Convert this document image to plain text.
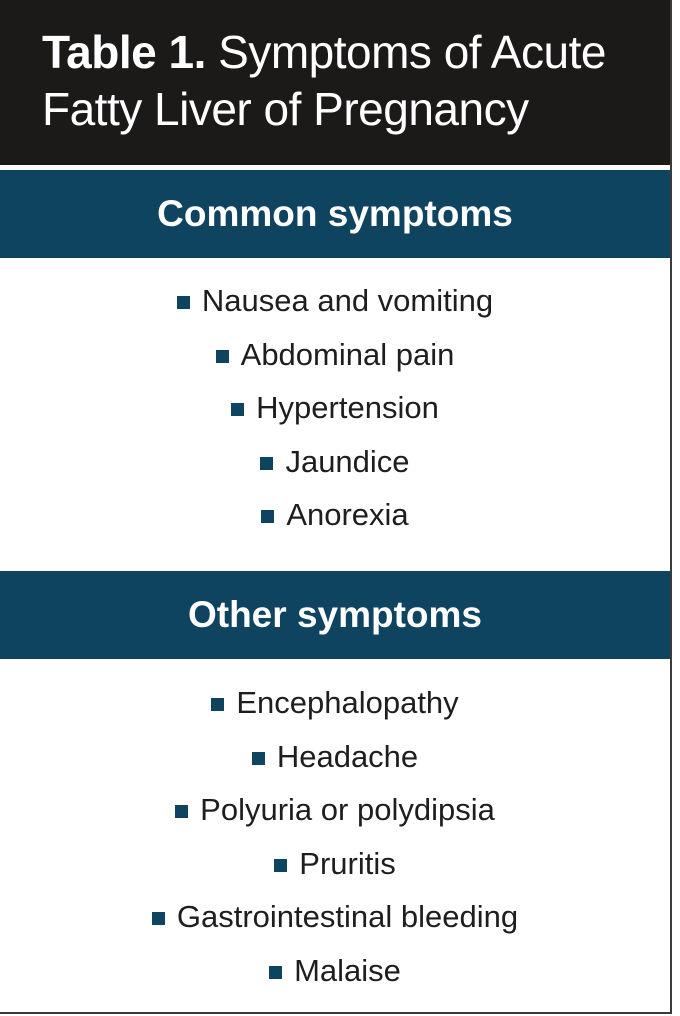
Table 1. Symptoms of Acute
Fatty Liver of Pregnancy
Common symptoms
Nausea and vomiting
Abdominal pain
Hypertension
Jaundice
Anorexia
Other symptoms
Encephalopathy
Headache
Polyuria or polydipsia
Pruritis
Gastrointestinal bleeding
Malaise
